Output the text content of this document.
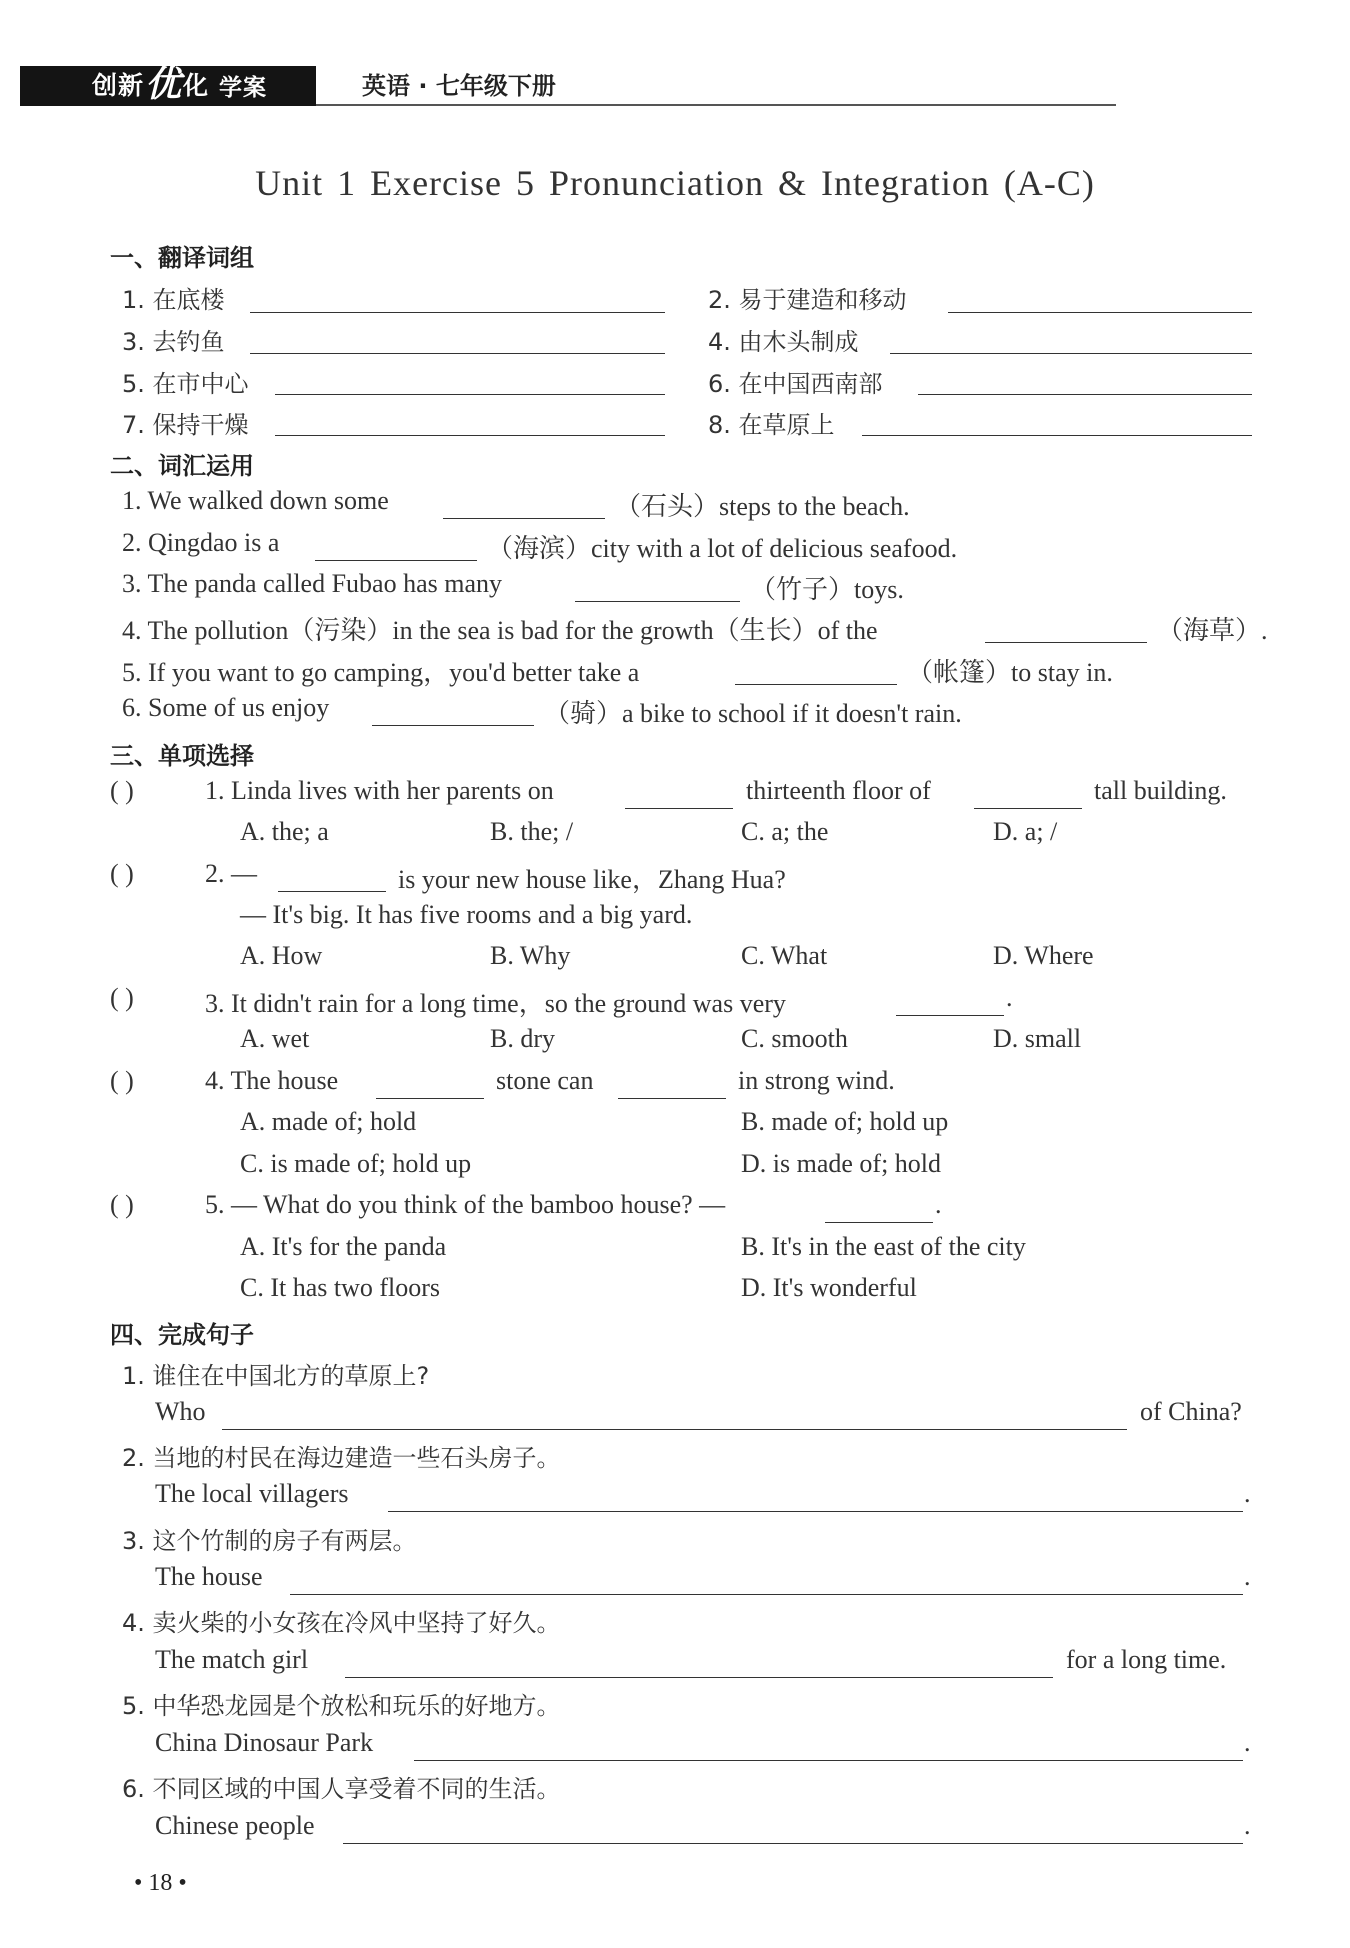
创新 优 化 学案	英语 · 七年级下册
Unit 1 Exercise 5 Pronunciation & Integration (A-C)
一、翻译词组
1. 在底楼	2. 易于建造和移动
3. 去钓鱼	4. 由木头制成
5. 在市中心	6. 在中国西南部
7. 保持干燥	8. 在草原上
二、词汇运用
1. We walked down some	（石头）steps to the beach.
2. Qingdao is a	（海滨）city with a lot of delicious seafood.
3. The panda called Fubao has many	（竹子）toys.
4. The pollution（污染）in the sea is bad for the growth（生长）of the	（海草）.
5. If you want to go camping，you'd better take a	（帐篷）to stay in.
6. Some of us enjoy	（骑）a bike to school if it doesn't rain.
三、单项选择
( )	1. Linda lives with her parents on	thirteenth floor of	tall building.
A. the; a	B. the; /	C. a; the	D. a; /
( )	2. —	is your new house like，Zhang Hua?
— It's big. It has five rooms and a big yard.
A. How	B. Why	C. What	D. Where
( )	3. It didn't rain for a long time，so the ground was very	.
A. wet	B. dry	C. smooth	D. small
( )	4. The house	stone can	in strong wind.
A. made of; hold	B. made of; hold up
C. is made of; hold up	D. is made of; hold
( )	5. — What do you think of the bamboo house? —	.
A. It's for the panda	B. It's in the east of the city
C. It has two floors	D. It's wonderful
四、完成句子
1. 谁住在中国北方的草原上?
Who	of China?
2. 当地的村民在海边建造一些石头房子。
The local villagers	.
3. 这个竹制的房子有两层。
The house	.
4. 卖火柴的小女孩在冷风中坚持了好久。
The match girl	for a long time.
5. 中华恐龙园是个放松和玩乐的好地方。
China Dinosaur Park	.
6. 不同区域的中国人享受着不同的生活。
Chinese people	.
• 18 •
